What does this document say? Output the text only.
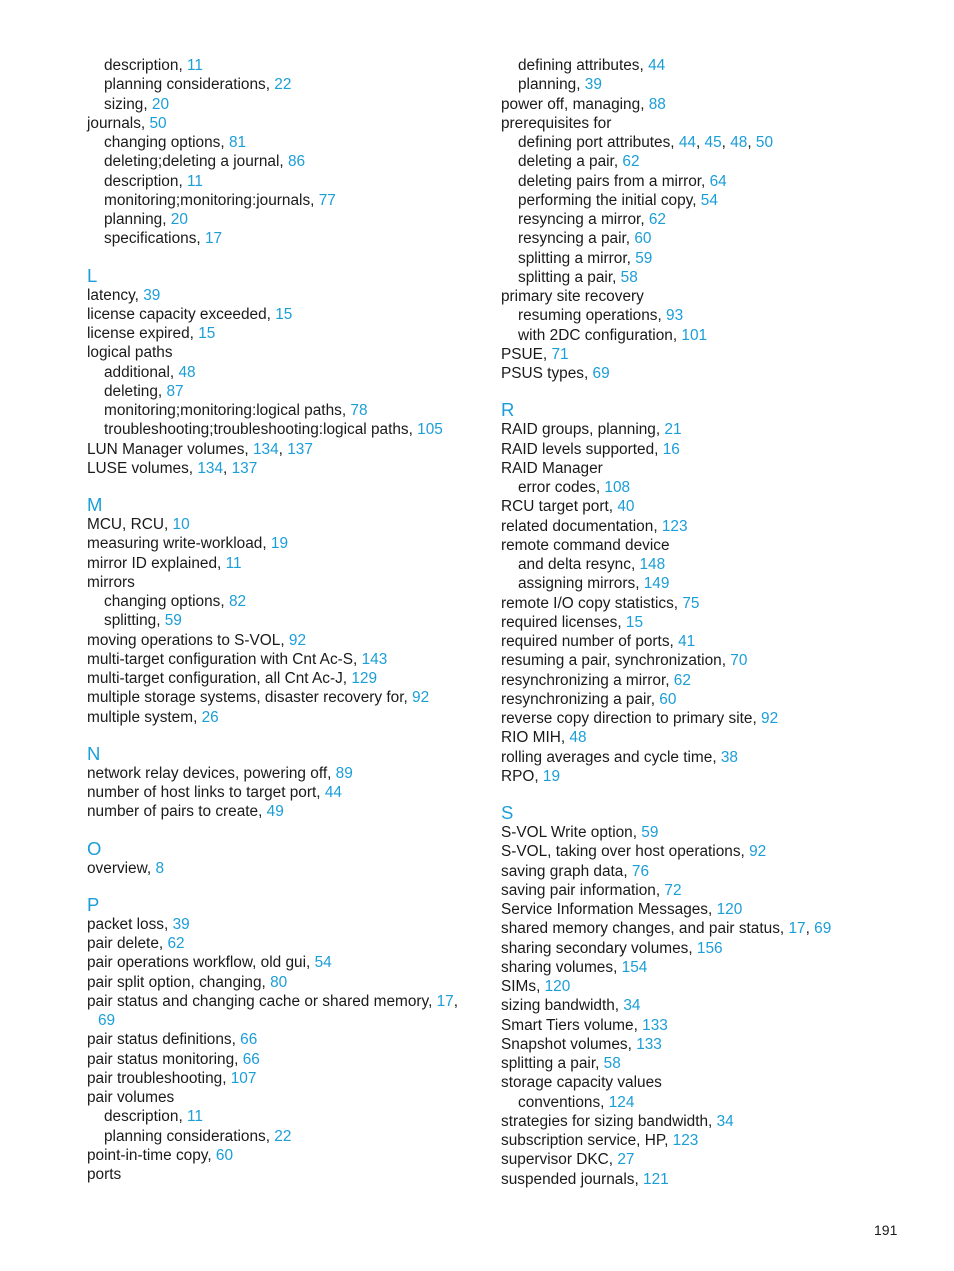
description, 11
planning considerations, 22
sizing, 20
journals, 50
changing options, 81
deleting;deleting a journal, 86
description, 11
monitoring;monitoring:journals, 77
planning, 20
specifications, 17
L
latency, 39
license capacity exceeded, 15
license expired, 15
logical paths
additional, 48
deleting, 87
monitoring;monitoring:logical paths, 78
troubleshooting;troubleshooting:logical paths, 105
LUN Manager volumes, 134, 137
LUSE volumes, 134, 137
M
MCU, RCU, 10
measuring write-workload, 19
mirror ID explained, 11
mirrors
changing options, 82
splitting, 59
moving operations to S-VOL, 92
multi-target configuration with Cnt Ac-S, 143
multi-target configuration, all Cnt Ac-J, 129
multiple storage systems, disaster recovery for, 92
multiple system, 26
N
network relay devices, powering off, 89
number of host links to target port, 44
number of pairs to create, 49
O
overview, 8
P
packet loss, 39
pair delete, 62
pair operations workflow, old gui, 54
pair split option, changing, 80
pair status and changing cache or shared memory, 17,
69
pair status definitions, 66
pair status monitoring, 66
pair troubleshooting, 107
pair volumes
description, 11
planning considerations, 22
point-in-time copy, 60
ports
defining attributes, 44
planning, 39
power off, managing, 88
prerequisites for
defining port attributes, 44, 45, 48, 50
deleting a pair, 62
deleting pairs from a mirror, 64
performing the initial copy, 54
resyncing a mirror, 62
resyncing a pair, 60
splitting a mirror, 59
splitting a pair, 58
primary site recovery
resuming operations, 93
with 2DC configuration, 101
PSUE, 71
PSUS types, 69
R
RAID groups, planning, 21
RAID levels supported, 16
RAID Manager
error codes, 108
RCU target port, 40
related documentation, 123
remote command device
and delta resync, 148
assigning mirrors, 149
remote I/O copy statistics, 75
required licenses, 15
required number of ports, 41
resuming a pair, synchronization, 70
resynchronizing a mirror, 62
resynchronizing a pair, 60
reverse copy direction to primary site, 92
RIO MIH, 48
rolling averages and cycle time, 38
RPO, 19
S
S-VOL Write option, 59
S-VOL, taking over host operations, 92
saving graph data, 76
saving pair information, 72
Service Information Messages, 120
shared memory changes, and pair status, 17, 69
sharing secondary volumes, 156
sharing volumes, 154
SIMs, 120
sizing bandwidth, 34
Smart Tiers volume, 133
Snapshot volumes, 133
splitting a pair, 58
storage capacity values
conventions, 124
strategies for sizing bandwidth, 34
subscription service, HP, 123
supervisor DKC, 27
suspended journals, 121
191
